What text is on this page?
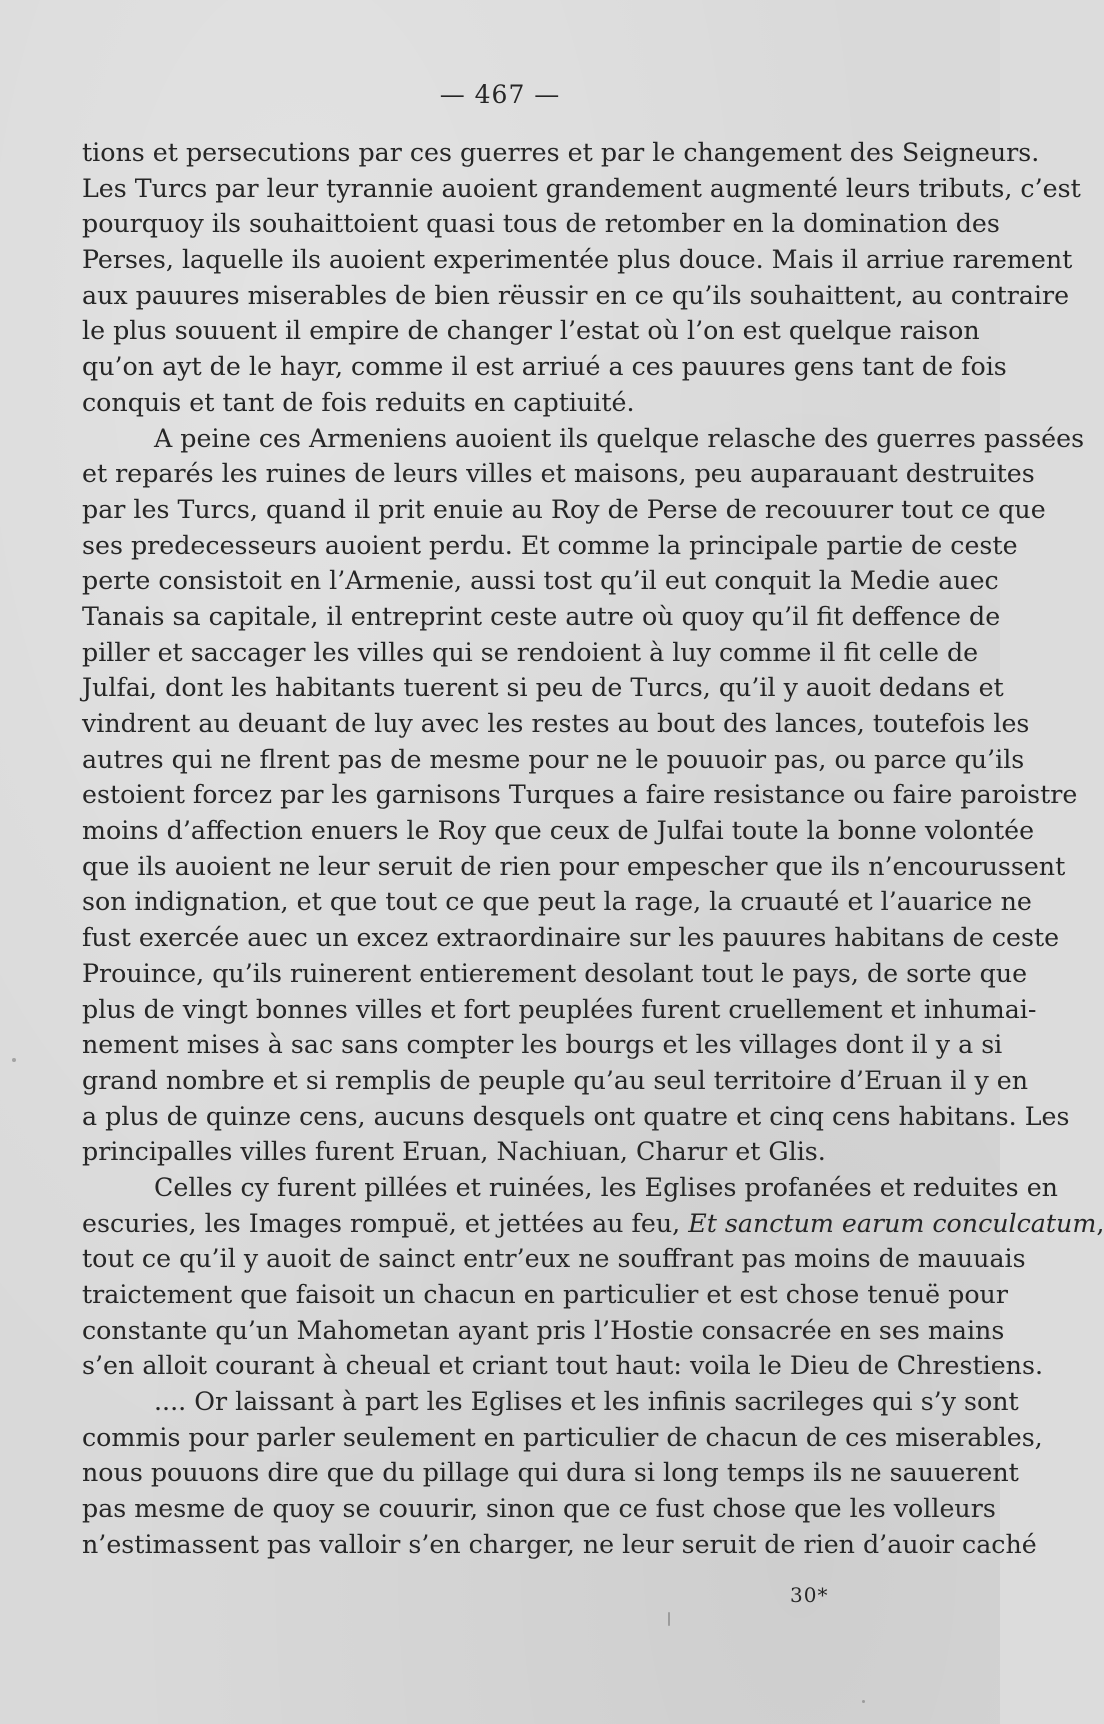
— 467 —
tions et persecutions par ces guerres et par le changement des Seigneurs.
Les Turcs par leur tyrannie auoient grandement augmenté leurs tributs, c’est
pourquoy ils souhaittoient quasi tous de retomber en la domination des
Perses, laquelle ils auoient experimentée plus douce. Mais il arriue rarement
aux pauures miserables de bien rëussir en ce qu’ils souhaittent, au contraire
le plus souuent il empire de changer l’estat où l’on est quelque raison
qu’on ayt de le hayr, comme il est arriué a ces pauures gens tant de fois
conquis et tant de fois reduits en captiuité.
A peine ces Armeniens auoient ils quelque relasche des guerres passées
et reparés les ruines de leurs villes et maisons, peu auparauant destruites
par les Turcs, quand il prit enuie au Roy de Perse de recouurer tout ce que
ses predecesseurs auoient perdu. Et comme la principale partie de ceste
perte consistoit en l’Armenie, aussi tost qu’il eut conquit la Medie auec
Tanais sa capitale, il entreprint ceste autre où quoy qu’il fit deffence de
piller et saccager les villes qui se rendoient à luy comme il fit celle de
Julfai, dont les habitants tuerent si peu de Turcs, qu’il y auoit dedans et
vindrent au deuant de luy avec les restes au bout des lances, toutefois les
autres qui ne flrent pas de mesme pour ne le pouuoir pas, ou parce qu’ils
estoient forcez par les garnisons Turques a faire resistance ou faire paroistre
moins d’affection enuers le Roy que ceux de Julfai toute la bonne volontée
que ils auoient ne leur seruit de rien pour empescher que ils n’encourussent
son indignation, et que tout ce que peut la rage, la cruauté et l’auarice ne
fust exercée auec un excez extraordinaire sur les pauures habitans de ceste
Prouince, qu’ils ruinerent entierement desolant tout le pays, de sorte que
plus de vingt bonnes villes et fort peuplées furent cruellement et inhumai-
nement mises à sac sans compter les bourgs et les villages dont il y a si
grand nombre et si remplis de peuple qu’au seul territoire d’Eruan il y en
a plus de quinze cens, aucuns desquels ont quatre et cinq cens habitans. Les
principalles villes furent Eruan, Nachiuan, Charur et Glis.
Celles cy furent pillées et ruinées, les Eglises profanées et reduites en
escuries, les Images rompuë, et jettées au feu, Et sanctum earum conculcatum,
tout ce qu’il y auoit de sainct entr’eux ne souffrant pas moins de mauuais
traictement que faisoit un chacun en particulier et est chose tenuë pour
constante qu’un Mahometan ayant pris l’Hostie consacrée en ses mains
s’en alloit courant à cheual et criant tout haut: voila le Dieu de Chrestiens.
.... Or laissant à part les Eglises et les infinis sacrileges qui s’y sont
commis pour parler seulement en particulier de chacun de ces miserables,
nous pouuons dire que du pillage qui dura si long temps ils ne sauuerent
pas mesme de quoy se couurir, sinon que ce fust chose que les volleurs
n’estimassent pas valloir s’en charger, ne leur seruit de rien d’auoir caché
30*
